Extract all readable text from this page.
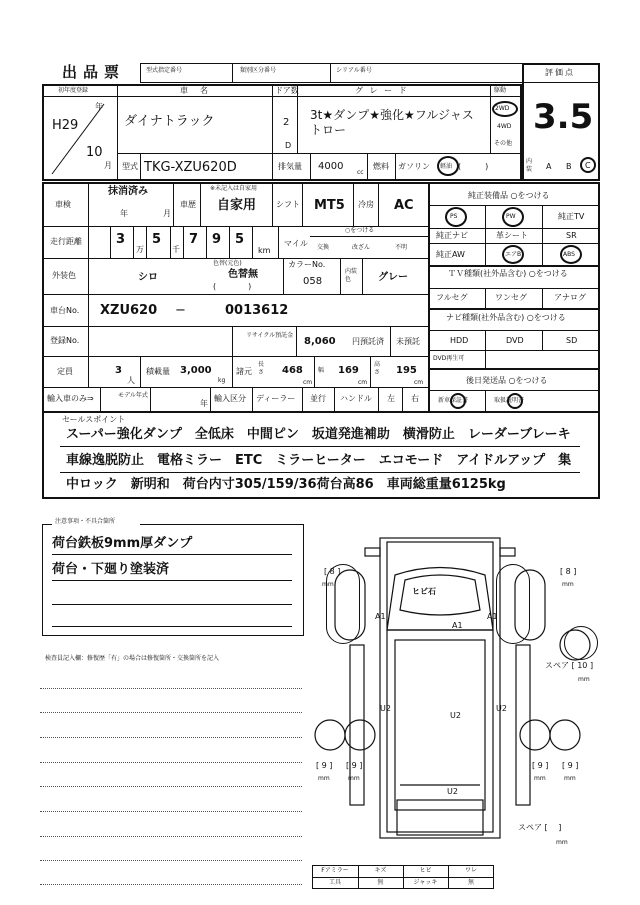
出品票	型式指定番号	類別区分番号	シリアル番号	評価点
3.5
初年度登録
年
月
H29
10
車　名
ダイナトラック
ドア数
2
D
グ レ ー ド
3t★ダンプ★強化★フルジャストロー
駆動
2WD
4WD
その他
型式 TKG-XZU620D	排気量 4000
cc
燃料 ガソリン 軽油 (　　　)
内装 A B C
車検
抹消済み
年	月
車歴
※未記入は自家用
自家用 シフト MT5 冷房 AC
走行距離	3
万
5
千
7 9 5
km
マイル
○をつける
交換	改ざん	不明
外装色	シロ
色替(元色)
色替無
(　　　　)
カラーNo.
058
内装色	グレー
車台No. XZU620 −	0013612
登録No.
リサイクル預託金
8,060 円預託済 未預託
定員	3
人
積載量 3,000
kg
諸元
長さ 468
cm
幅 169
cm
高さ 195
cm
輸入車のみ⇒	モデル年式
年
輸入区分 ディーラー 並行 ハンドル 左 右
純正装備品 ○をつける
PS	PW	純正TV
純正ナビ	革シート	SR
純正AW	エアB	ABS
ＴＶ種類(社外品含む) ○をつける
フルセグ	ワンセグ	アナログ
ナビ種類(社外品含む) ○をつける
HDD	DVD	SD
DVD再生可
後日発送品 ○をつける
新車保証書	取扱説明書
セールスポイント
スーパー強化ダンプ　全低床　中間ピン　坂道発進補助　横滑防止　レーダーブレーキ
車線逸脱防止　電格ミラー　ETC　ミラーヒーター　エコモード　アイドルアップ　集
中ロック　新明和　荷台内寸305/159/36荷台高86　車両総重量6125kg
注意事項・不具合箇所
荷台鉄板9mm厚ダンプ
荷台・下廻り塗装済
検査員記入欄：修復歴「有」の場合は修復箇所・交換箇所を記入
ヒビ石
A1
A1
A1
U2
U2
U2
U2
[ 8 ]
mm
[ 8 ]
mm
[ 9 ]
mm
[ 9 ]
mm
[ 9 ]
mm
[ 9 ]
mm
スペア [ 10 ]
mm
スペア [ 　]
mm
Fアミラー	キズ	ヒビ	ワレ
工具	無	ジャッキ	無
